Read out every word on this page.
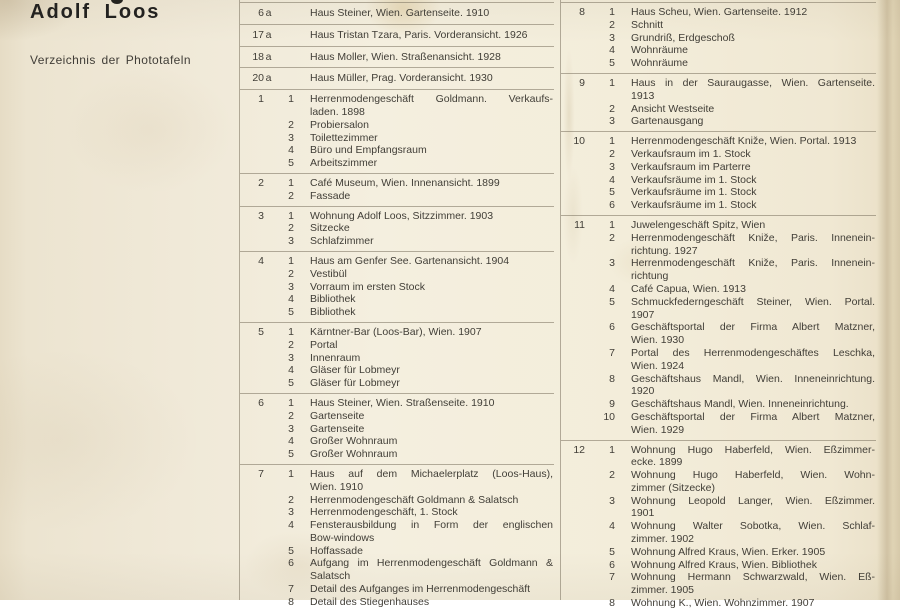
Adolf Loos
Verzeichnis der Phototafeln
6 a	Haus Steiner, Wien. Gartenseite. 1910
17 a	Haus Tristan Tzara, Paris. Vorderansicht. 1926
18 a	Haus Moller, Wien. Straßenansicht. 1928
20 a	Haus Müller, Prag. Vorderansicht. 1930
1	1 Herrenmodengeschäft Goldmann. Verkaufs-
laden. 1898
2 Probiersalon
3 Toilettezimmer
4 Büro und Empfangsraum
5 Arbeitszimmer
2	1 Café Museum, Wien. Innenansicht. 1899
2 Fassade
3	1 Wohnung Adolf Loos, Sitzzimmer. 1903
2 Sitzecke
3 Schlafzimmer
4	1 Haus am Genfer See. Gartenansicht. 1904
2 Vestibül
3 Vorraum im ersten Stock
4 Bibliothek
5 Bibliothek
5	1 Kärntner-Bar (Loos-Bar), Wien. 1907
2 Portal
3 Innenraum
4 Gläser für Lobmeyr
5 Gläser für Lobmeyr
6	1 Haus Steiner, Wien. Straßenseite. 1910
2 Gartenseite
3 Gartenseite
4 Großer Wohnraum
5 Großer Wohnraum
7	1 Haus auf dem Michaelerplatz (Loos-Haus),
Wien. 1910
2 Herrenmodengeschäft Goldmann & Salatsch
3 Herrenmodengeschäft, 1. Stock
4 Fensterausbildung in Form der englischen
Bow-windows
5 Hoffassade
6 Aufgang im Herrenmodengeschäft Goldmann &
Salatsch
7 Detail des Aufganges im Herrenmodengeschäft
8 Detail des Stiegenhauses
8	1 Haus Scheu, Wien. Gartenseite. 1912
2 Schnitt
3 Grundriß, Erdgeschoß
4 Wohnräume
5 Wohnräume
9	1 Haus in der Sauraugasse, Wien. Gartenseite.
1913
2 Ansicht Westseite
3 Gartenausgang
10	1 Herrenmodengeschäft Kniže, Wien. Portal. 1913
2 Verkaufsraum im 1. Stock
3 Verkaufsraum im Parterre
4 Verkaufsräume im 1. Stock
5 Verkaufsräume im 1. Stock
6 Verkaufsräume im 1. Stock
11	1 Juwelengeschäft Spitz, Wien
2 Herrenmodengeschäft Kniže, Paris. Innenein-
richtung. 1927
3 Herrenmodengeschäft Kniže, Paris. Innenein-
richtung
4 Café Capua, Wien. 1913
5 Schmuckfederngeschäft Steiner, Wien. Portal.
1907
6 Geschäftsportal der Firma Albert Matzner,
Wien. 1930
7 Portal des Herrenmodengeschäftes Leschka,
Wien. 1924
8 Geschäftshaus Mandl, Wien. Inneneinrichtung.
1920
9 Geschäftshaus Mandl, Wien. Inneneinrichtung.
10 Geschäftsportal der Firma Albert Matzner,
Wien. 1929
12	1 Wohnung Hugo Haberfeld, Wien. Eßzimmer-
ecke. 1899
2 Wohnung Hugo Haberfeld, Wien. Wohn-
zimmer (Sitzecke)
3 Wohnung Leopold Langer, Wien. Eßzimmer.
1901
4 Wohnung Walter Sobotka, Wien. Schlaf-
zimmer. 1902
5 Wohnung Alfred Kraus, Wien. Erker. 1905
6 Wohnung Alfred Kraus, Wien. Bibliothek
7 Wohnung Hermann Schwarzwald, Wien. Eß-
zimmer. 1905
8 Wohnung K., Wien. Wohnzimmer. 1907
